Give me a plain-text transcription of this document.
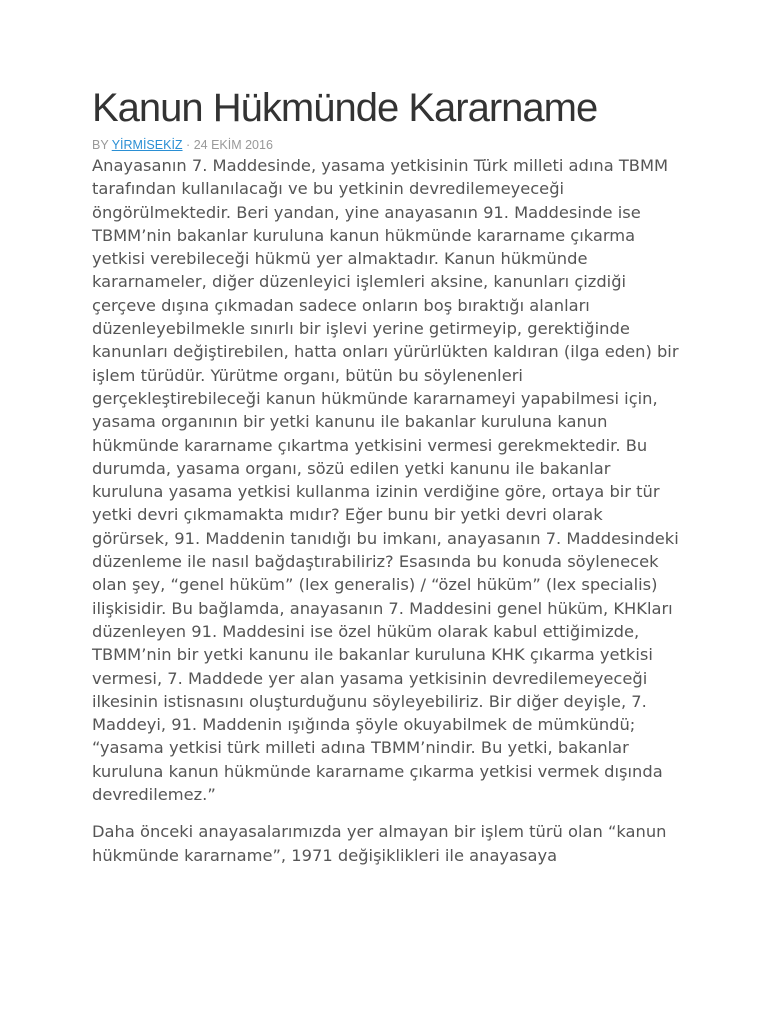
Kanun Hükmünde Kararname
BY YİRMİSEKİZ · 24 EKİM 2016

Anayasanın 7. Maddesinde, yasama yetkisinin Türk milleti adına TBMM tarafından kullanılacağı ve bu yetkinin devredilemeyeceği öngörülmektedir. Beri yandan, yine anayasanın 91. Maddesinde ise TBMM’nin bakanlar kuruluna kanun hükmünde kararname çıkarma yetkisi verebileceği hükmü yer almaktadır. Kanun hükmünde kararnameler, diğer düzenleyici işlemleri aksine, kanunları çizdiği çerçeve dışına çıkmadan sadece onların boş bıraktığı alanları düzenleyebilmekle sınırlı bir işlevi yerine getirmeyip, gerektiğinde kanunları değiştirebilen, hatta onları yürürlükten kaldıran (ilga eden) bir işlem türüdür. Yürütme organı, bütün bu söylenenleri gerçekleştirebileceği kanun hükmünde kararnameyi yapabilmesi için, yasama organının bir yetki kanunu ile bakanlar kuruluna kanun hükmünde kararname çıkartma yetkisini vermesi gerekmektedir. Bu durumda, yasama organı, sözü edilen yetki kanunu ile bakanlar kuruluna yasama yetkisi kullanma izinin verdiğine göre, ortaya bir tür yetki devri çıkmamakta mıdır? Eğer bunu bir yetki devri olarak görürsek, 91. Maddenin tanıdığı bu imkanı, anayasanın 7. Maddesindeki düzenleme ile nasıl bağdaştırabiliriz? Esasında bu konuda söylenecek olan şey, “genel hüküm” (lex generalis) / “özel hüküm” (lex specialis) ilişkisidir. Bu bağlamda, anayasanın 7. Maddesini genel hüküm, KHKları düzenleyen 91. Maddesini ise özel hüküm olarak kabul ettiğimizde, TBMM’nin bir yetki kanunu ile bakanlar kuruluna KHK çıkarma yetkisi vermesi, 7. Maddede yer alan yasama yetkisinin devredilemeyeceği ilkesinin istisnasını oluşturduğunu söyleyebiliriz. Bir diğer deyişle, 7. Maddeyi, 91. Maddenin ışığında şöyle okuyabilmek de mümkündü; “yasama yetkisi türk milleti adına TBMM’nindir. Bu yetki, bakanlar kuruluna kanun hükmünde kararname çıkarma yetkisi vermek dışında devredilemez.”

Daha önceki anayasalarımızda yer almayan bir işlem türü olan “kanun hükmünde kararname”, 1971 değişiklikleri ile anayasaya
